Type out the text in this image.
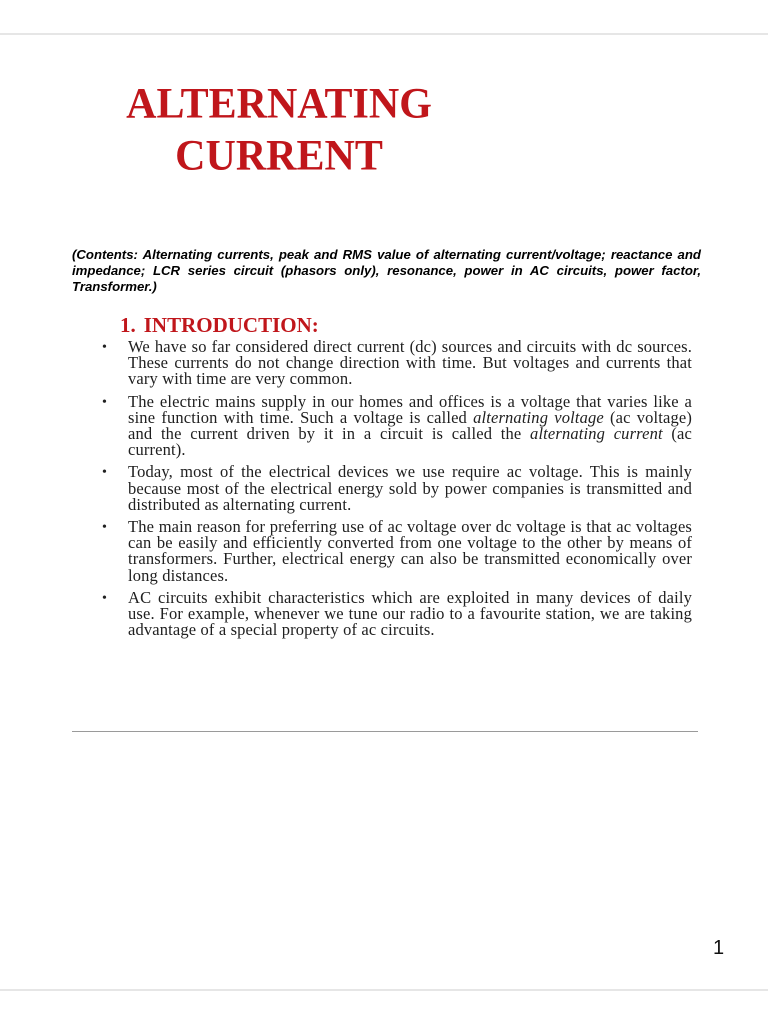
ALTERNATING
CURRENT

(Contents: Alternating currents, peak and RMS value of alternating current/voltage; reactance and impedance; LCR series circuit (phasors only), resonance, power in AC circuits, power factor, Transformer.)

1. INTRODUCTION:
• We have so far considered direct current (dc) sources and circuits with dc sources. These currents do not change direction with time. But voltages and currents that vary with time are very common.
• The electric mains supply in our homes and offices is a voltage that varies like a sine function with time. Such a voltage is called alternating voltage (ac voltage) and the current driven by it in a circuit is called the alternating current (ac current).
• Today, most of the electrical devices we use require ac voltage. This is mainly because most of the electrical energy sold by power companies is transmitted and distributed as alternating current.
• The main reason for preferring use of ac voltage over dc voltage is that ac voltages can be easily and efficiently converted from one voltage to the other by means of transformers. Further, electrical energy can also be transmitted economically over long distances.
• AC circuits exhibit characteristics which are exploited in many devices of daily use. For example, whenever we tune our radio to a favourite station, we are taking advantage of a special property of ac circuits.

1
